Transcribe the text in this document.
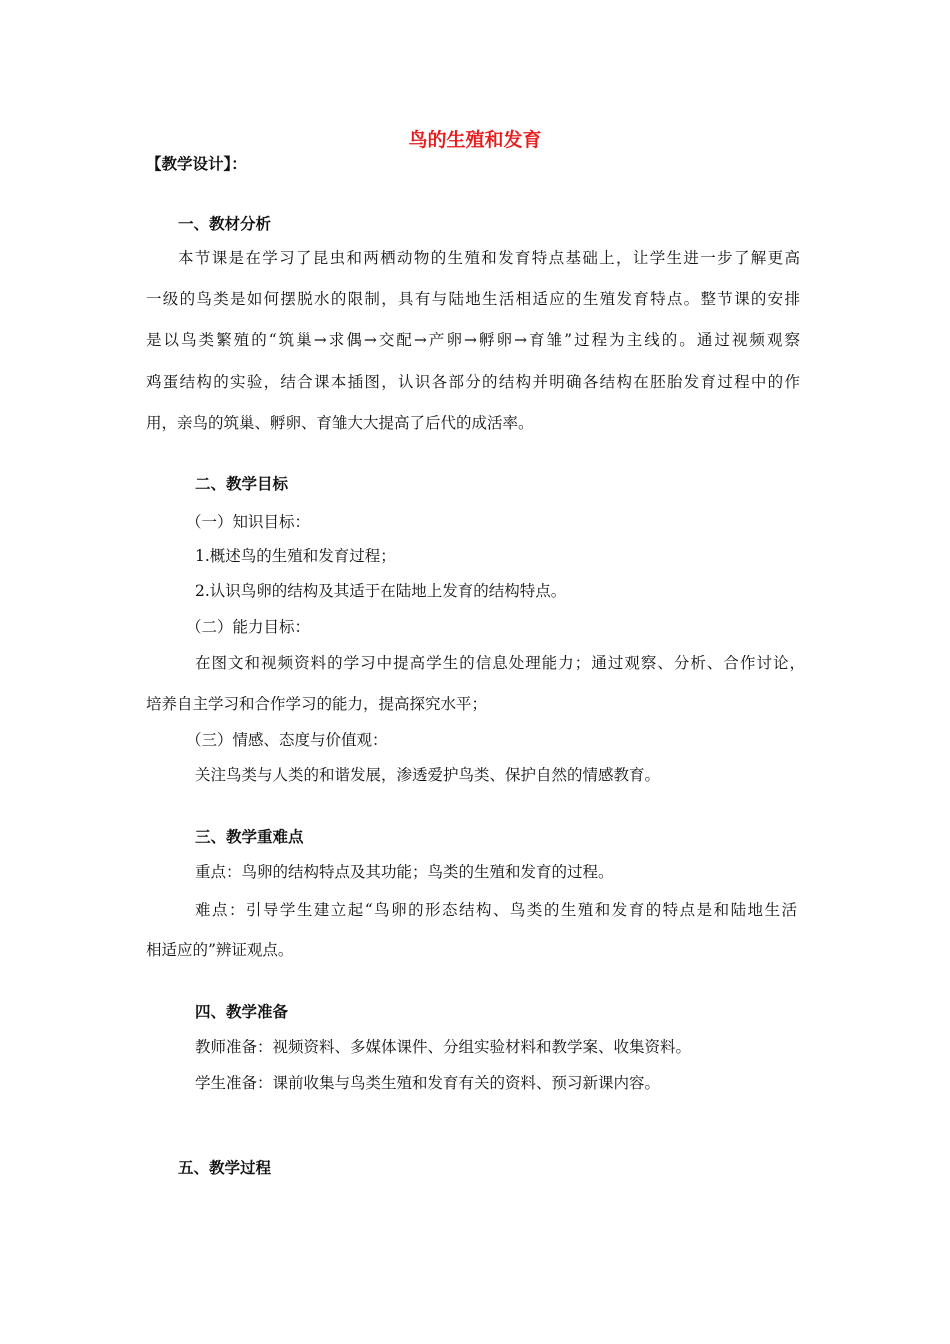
鸟的生殖和发育
【教学设计】：
一、教材分析
本节课是在学习了昆虫和两栖动物的生殖和发育特点基础上，让学生进一步了解更高
一级的鸟类是如何摆脱水的限制，具有与陆地生活相适应的生殖发育特点。整节课的安排
是以鸟类繁殖的“筑巢→求偶→交配→产卵→孵卵→育雏”过程为主线的。通过视频观察
鸡蛋结构的实验，结合课本插图，认识各部分的结构并明确各结构在胚胎发育过程中的作
用，亲鸟的筑巢、孵卵、育雏大大提高了后代的成活率。
二、教学目标
（一）知识目标：
1.概述鸟的生殖和发育过程；
2.认识鸟卵的结构及其适于在陆地上发育的结构特点。
（二）能力目标：
在图文和视频资料的学习中提高学生的信息处理能力；通过观察、分析、合作讨论，
培养自主学习和合作学习的能力，提高探究水平；
（三）情感、态度与价值观：
关注鸟类与人类的和谐发展，渗透爱护鸟类、保护自然的情感教育。
三、教学重难点
重点：鸟卵的结构特点及其功能；鸟类的生殖和发育的过程。
难点：引导学生建立起“鸟卵的形态结构、鸟类的生殖和发育的特点是和陆地生活
相适应的”辨证观点。
四、教学准备
教师准备：视频资料、多媒体课件、分组实验材料和教学案、收集资料。
学生准备：课前收集与鸟类生殖和发育有关的资料、预习新课内容。
五、教学过程
